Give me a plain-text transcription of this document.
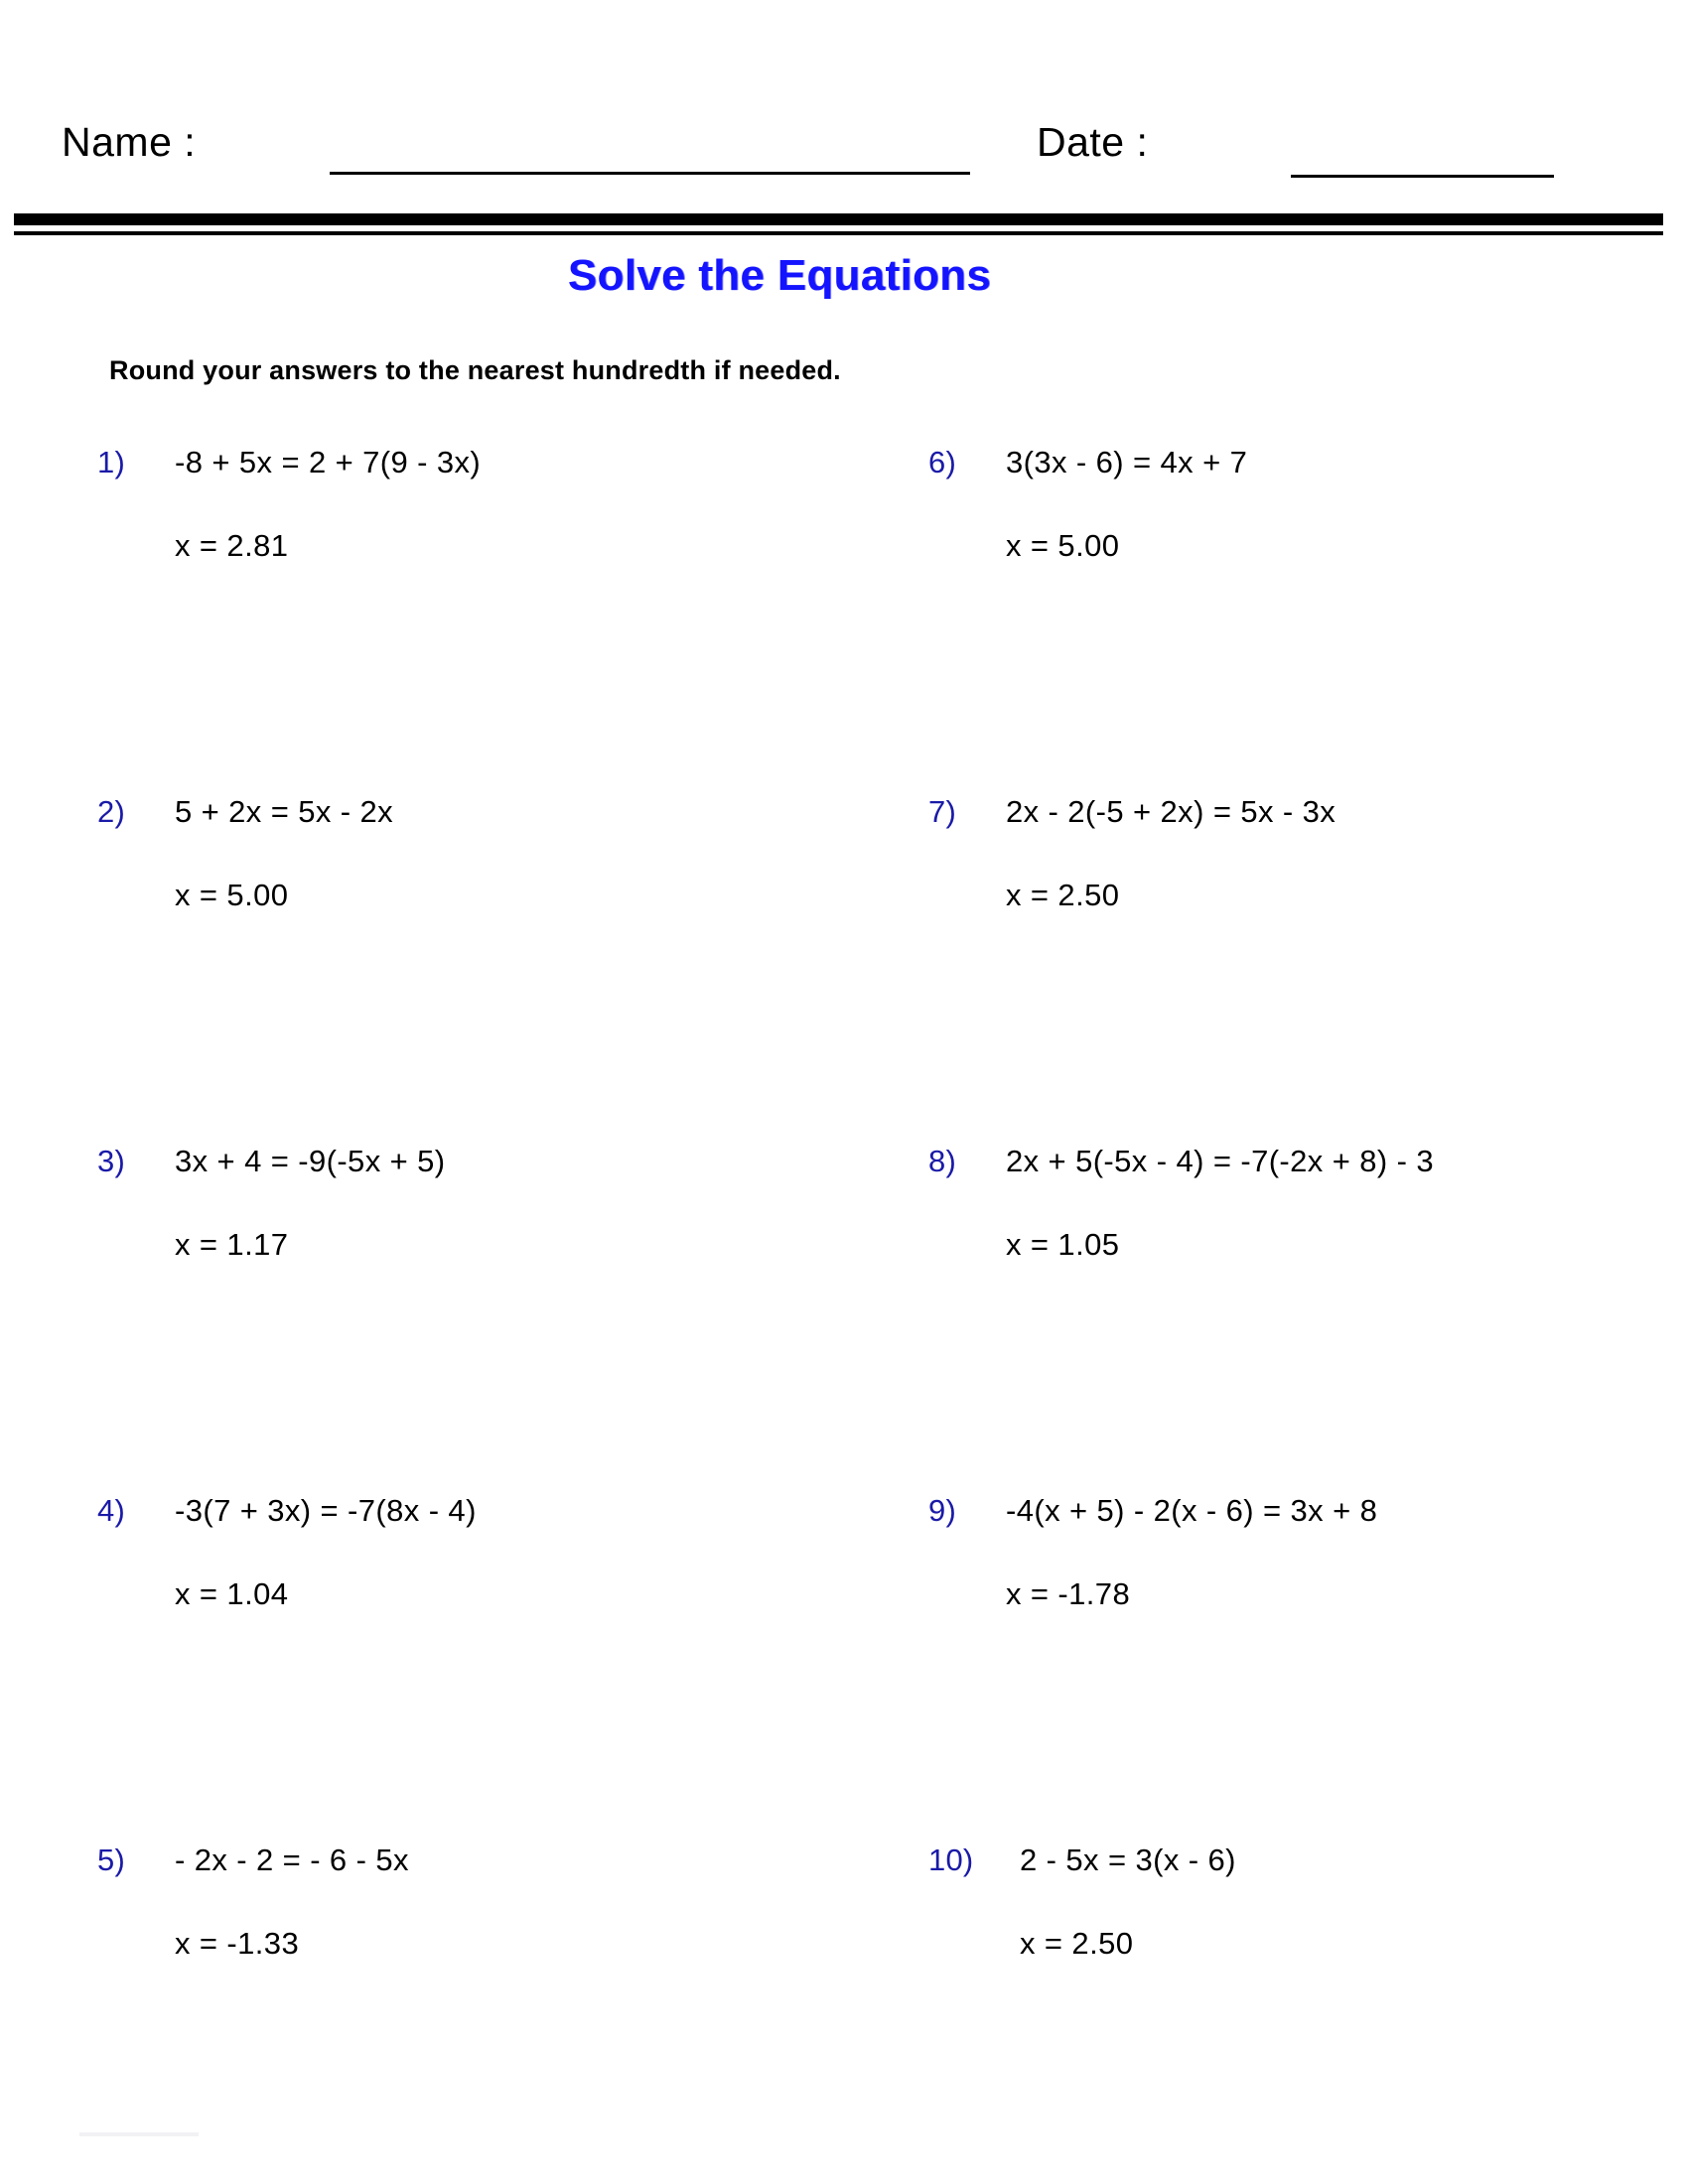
Name :	Date :
Solve the Equations
Round your answers to the nearest hundredth if needed.
1)	-8 + 5x = 2 + 7(9 - 3x)
x = 2.81
2)	5 + 2x = 5x - 2x
x = 5.00
3)	3x + 4 = -9(-5x + 5)
x = 1.17
4)	-3(7 + 3x) = -7(8x - 4)
x = 1.04
5)	- 2x - 2 = - 6 - 5x
x = -1.33
6)	3(3x - 6) = 4x + 7
x = 5.00
7)	2x - 2(-5 + 2x) = 5x - 3x
x = 2.50
8)	2x + 5(-5x - 4) = -7(-2x + 8) - 3
x = 1.05
9)	-4(x + 5) - 2(x - 6) = 3x + 8
x = -1.78
10)	2 - 5x = 3(x - 6)
x = 2.50
